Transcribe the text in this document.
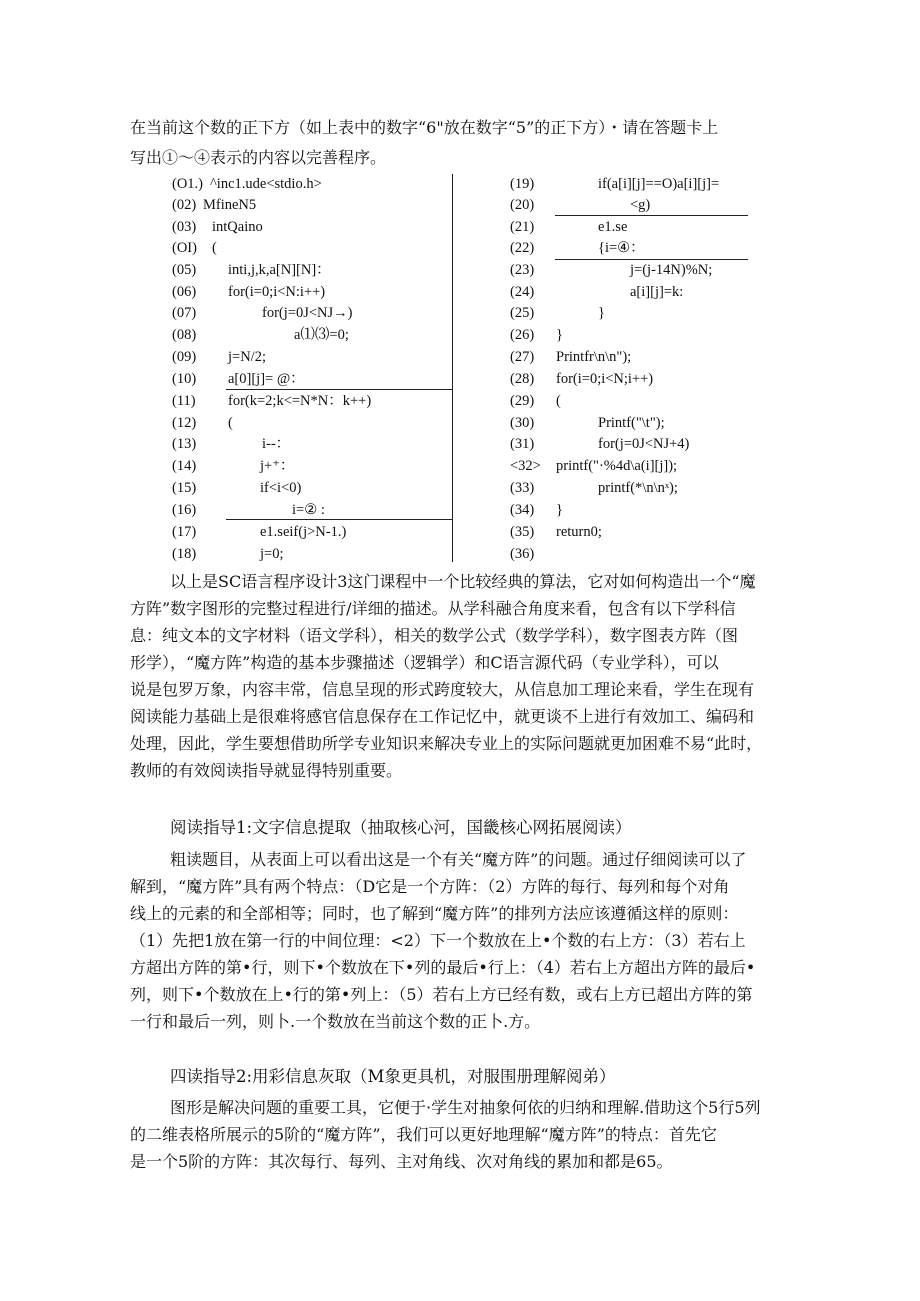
在当前这个数的正下方（如上表中的数字“6"放在数字“5”的正下方）・请在答题卡上
写出①〜④表示的内容以完善程序。
(O1.) ^inc1.ude<stdio.h>
(02) MfineN5
(03) intQaino
(OI) (
(05) inti,j,k,a[N][N]：
(06) for(i=0;i<N:i++)
(07)	for(j=0J<NJ→)
(08)	a⑴⑶=0;
(09) j=N/2;
(10) a[0][j]= @：
(11) for(k=2;k<=N*N：k++)
(12) (
(13)	i--：
(14)	j+⁺：
(15)	if<i<0)
(16)	i=② :
(17)	e1.seif(j>N-1.)
(18)	j=0;
(19)	if(a[i][j]==O)a[i][j]=
(20)	<g)
(21)	e1.se
(22)	{i=④：
(23)	j=(j-14N)%N;
(24)	a[i][j]=k:
(25)	}
(26) }
(27) Printfr\n\n");
(28) for(i=0;i<N;i++)
(29) (
(30)	Printf("\t");
(31)	for(j=0J<NJ+4)
<32> printf("·%4d\a(i][j]);
(33)	printf(*\n\nˣ);
(34) }
(35) return0;
(36)
以上是SC语言程序设计3这门课程中一个比较经典的算法，它对如何构造出一个“魔
方阵”数字图形的完整过程进行/详细的描述。从学科融合角度来看，包含有以下学科信
息：纯文本的文字材料（语文学科），相关的数学公式（数学学科），数字图表方阵（图
形学），“魔方阵”构造的基本步骤描述（逻辑学）和C语言源代码（专业学科），可以
说是包罗万象，内容丰常，信息呈现的形式跨度较大，从信息加工理论来看，学生在现有
阅读能力基础上是很难将感官信息保存在工作记忆中，就更谈不上进行有效加工、编码和
处理，因此，学生要想借助所学专业知识来解决专业上的实际问题就更加困难不易“此时，
教师的有效阅读指导就显得特别重要。
阅读指导1:文字信息提取（抽取核心河，国畿核心网拓展阅读）
粗读题目，从表面上可以看出这是一个有关“魔方阵”的问题。通过仔细阅读可以了
解到，“魔方阵”具有两个特点：（D它是一个方阵：（2）方阵的每行、每列和每个对角
线上的元素的和全部相等；同时，也了解到“魔方阵”的排列方法应该遵循这样的原则：
（1）先把1放在第一行的中间位理：<2）下一个数放在上•个数的右上方：（3）若右上
方超出方阵的第•行，则下•个数放在下•列的最后•行上：（4）若右上方超出方阵的最后•
列，则下•个数放在上•行的第•列上：（5）若右上方已经有数，或右上方已超出方阵的第
一行和最后一列，则卜.一个数放在当前这个数的正卜.方。
四读指导2:用彩信息灰取（M象更具机，对服围册理解阅弟）
图形是解决问题的重要工具，它便于·学生对抽象何依的归纳和理解.借助这个5行5列
的二维表格所展示的5阶的“魔方阵”，我们可以更好地理解“魔方阵”的特点：首先它
是一个5阶的方阵：其次每行、每列、主对角线、次对角线的累加和都是65。
